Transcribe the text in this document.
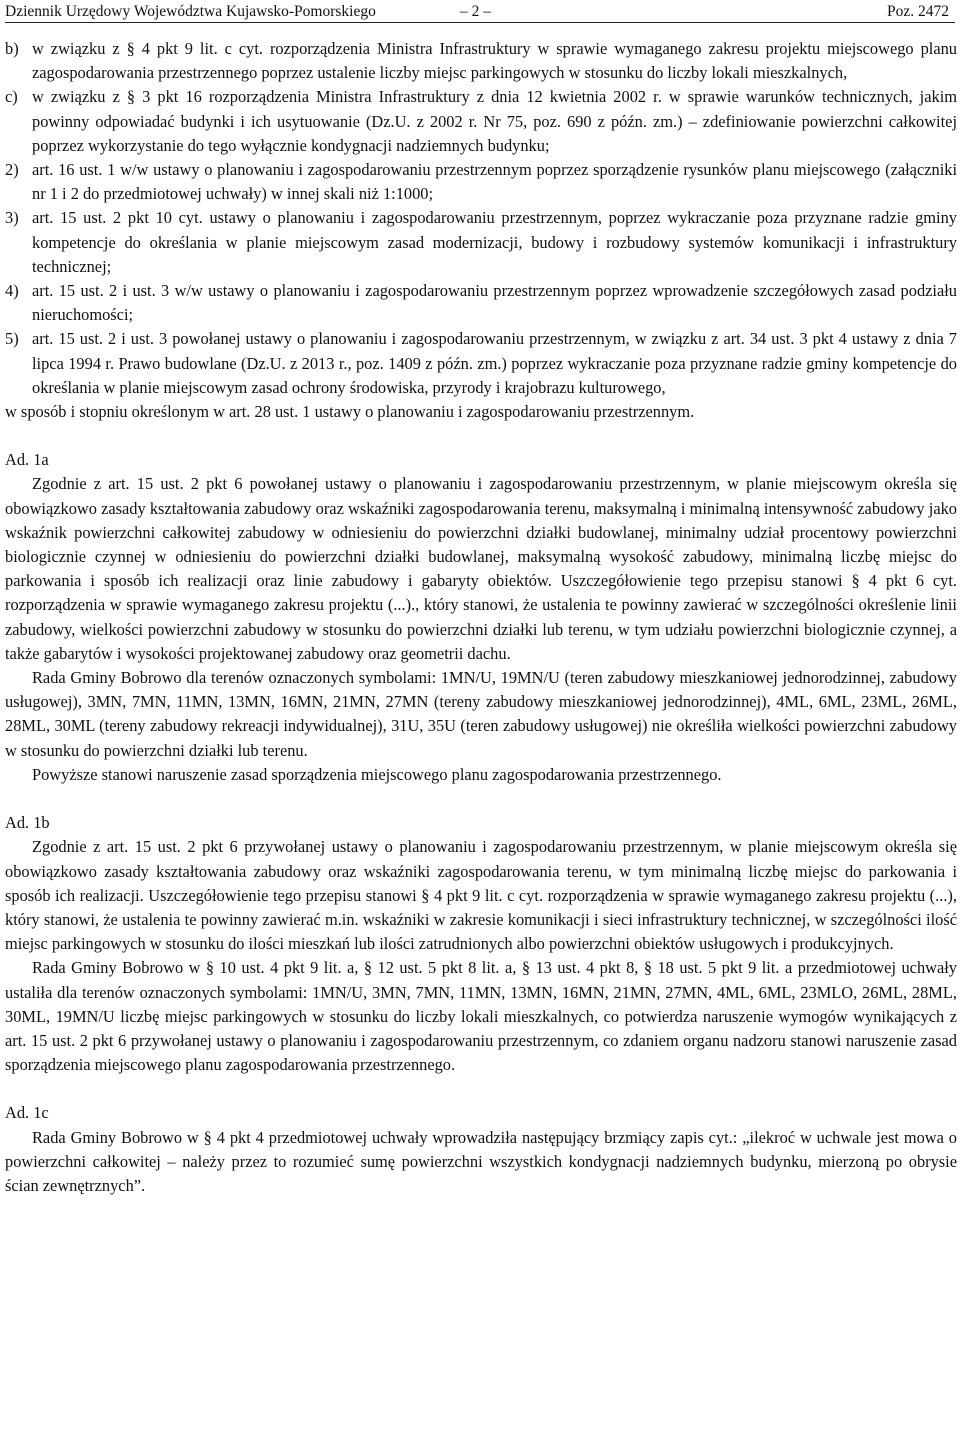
Dziennik Urzędowy Województwa Kujawsko-Pomorskiego	– 2 –	Poz. 2472
b) w związku z § 4 pkt 9 lit. c cyt. rozporządzenia Ministra Infrastruktury w sprawie wymaganego zakresu projektu miejscowego planu zagospodarowania przestrzennego poprzez ustalenie liczby miejsc parkingowych w stosunku do liczby lokali mieszkalnych,
c) w związku z § 3 pkt 16 rozporządzenia Ministra Infrastruktury z dnia 12 kwietnia 2002 r. w sprawie warunków technicznych, jakim powinny odpowiadać budynki i ich usytuowanie (Dz.U. z 2002 r. Nr 75, poz. 690 z późn. zm.) – zdefiniowanie powierzchni całkowitej poprzez wykorzystanie do tego wyłącznie kondygnacji nadziemnych budynku;
2) art. 16 ust. 1 w/w ustawy o planowaniu i zagospodarowaniu przestrzennym poprzez sporządzenie rysunków planu miejscowego (załączniki nr 1 i 2 do przedmiotowej uchwały) w innej skali niż 1:1000;
3) art. 15 ust. 2 pkt 10 cyt. ustawy o planowaniu i zagospodarowaniu przestrzennym, poprzez wykraczanie poza przyznane radzie gminy kompetencje do określania w planie miejscowym zasad modernizacji, budowy i rozbudowy systemów komunikacji i infrastruktury technicznej;
4) art. 15 ust. 2 i ust. 3 w/w ustawy o planowaniu i zagospodarowaniu przestrzennym poprzez wprowadzenie szczegółowych zasad podziału nieruchomości;
5) art. 15 ust. 2 i ust. 3 powołanej ustawy o planowaniu i zagospodarowaniu przestrzennym, w związku z art. 34 ust. 3 pkt 4 ustawy z dnia 7 lipca 1994 r. Prawo budowlane (Dz.U. z 2013 r., poz. 1409 z późn. zm.) poprzez wykraczanie poza przyznane radzie gminy kompetencje do określania w planie miejscowym zasad ochrony środowiska, przyrody i krajobrazu kulturowego,

w sposób i stopniu określonym w art. 28 ust. 1 ustawy o planowaniu i zagospodarowaniu przestrzennym.

Ad. 1a

Zgodnie z art. 15 ust. 2 pkt 6 powołanej ustawy o planowaniu i zagospodarowaniu przestrzennym, w planie miejscowym określa się obowiązkowo zasady kształtowania zabudowy oraz wskaźniki zagospodarowania terenu, maksymalną i minimalną intensywność zabudowy jako wskaźnik powierzchni całkowitej zabudowy w odniesieniu do powierzchni działki budowlanej, minimalny udział procentowy powierzchni biologicznie czynnej w odniesieniu do powierzchni działki budowlanej, maksymalną wysokość zabudowy, minimalną liczbę miejsc do parkowania i sposób ich realizacji oraz linie zabudowy i gabaryty obiektów. Uszczegółowienie tego przepisu stanowi § 4 pkt 6 cyt. rozporządzenia w sprawie wymaganego zakresu projektu (...)., który stanowi, że ustalenia te powinny zawierać w szczególności określenie linii zabudowy, wielkości powierzchni zabudowy w stosunku do powierzchni działki lub terenu, w tym udziału powierzchni biologicznie czynnej, a także gabarytów i wysokości projektowanej zabudowy oraz geometrii dachu.

Rada Gminy Bobrowo dla terenów oznaczonych symbolami: 1MN/U, 19MN/U (teren zabudowy mieszkaniowej jednorodzinnej, zabudowy usługowej), 3MN, 7MN, 11MN, 13MN, 16MN, 21MN, 27MN (tereny zabudowy mieszkaniowej jednorodzinnej), 4ML, 6ML, 23ML, 26ML, 28ML, 30ML (tereny zabudowy rekreacji indywidualnej), 31U, 35U (teren zabudowy usługowej) nie określiła wielkości powierzchni zabudowy w stosunku do powierzchni działki lub terenu.

Powyższe stanowi naruszenie zasad sporządzenia miejscowego planu zagospodarowania przestrzennego.

Ad. 1b

Zgodnie z art. 15 ust. 2 pkt 6 przywołanej ustawy o planowaniu i zagospodarowaniu przestrzennym, w planie miejscowym określa się obowiązkowo zasady kształtowania zabudowy oraz wskaźniki zagospodarowania terenu, w tym minimalną liczbę miejsc do parkowania i sposób ich realizacji. Uszczegółowienie tego przepisu stanowi § 4 pkt 9 lit. c cyt. rozporządzenia w sprawie wymaganego zakresu projektu (...), który stanowi, że ustalenia te powinny zawierać m.in. wskaźniki w zakresie komunikacji i sieci infrastruktury technicznej, w szczególności ilość miejsc parkingowych w stosunku do ilości mieszkań lub ilości zatrudnionych albo powierzchni obiektów usługowych i produkcyjnych.

Rada Gminy Bobrowo w § 10 ust. 4 pkt 9 lit. a, § 12 ust. 5 pkt 8 lit. a, § 13 ust. 4 pkt 8, § 18 ust. 5 pkt 9 lit. a przedmiotowej uchwały ustaliła dla terenów oznaczonych symbolami: 1MN/U, 3MN, 7MN, 11MN, 13MN, 16MN, 21MN, 27MN, 4ML, 6ML, 23MLO, 26ML, 28ML, 30ML, 19MN/U liczbę miejsc parkingowych w stosunku do liczby lokali mieszkalnych, co potwierdza naruszenie wymogów wynikających z art. 15 ust. 2 pkt 6 przywołanej ustawy o planowaniu i zagospodarowaniu przestrzennym, co zdaniem organu nadzoru stanowi naruszenie zasad sporządzenia miejscowego planu zagospodarowania przestrzennego.

Ad. 1c

Rada Gminy Bobrowo w § 4 pkt 4 przedmiotowej uchwały wprowadziła następujący brzmiący zapis cyt.: „ilekroć w uchwale jest mowa o powierzchni całkowitej – należy przez to rozumieć sumę powierzchni wszystkich kondygnacji nadziemnych budynku, mierzoną po obrysie ścian zewnętrznych”.
